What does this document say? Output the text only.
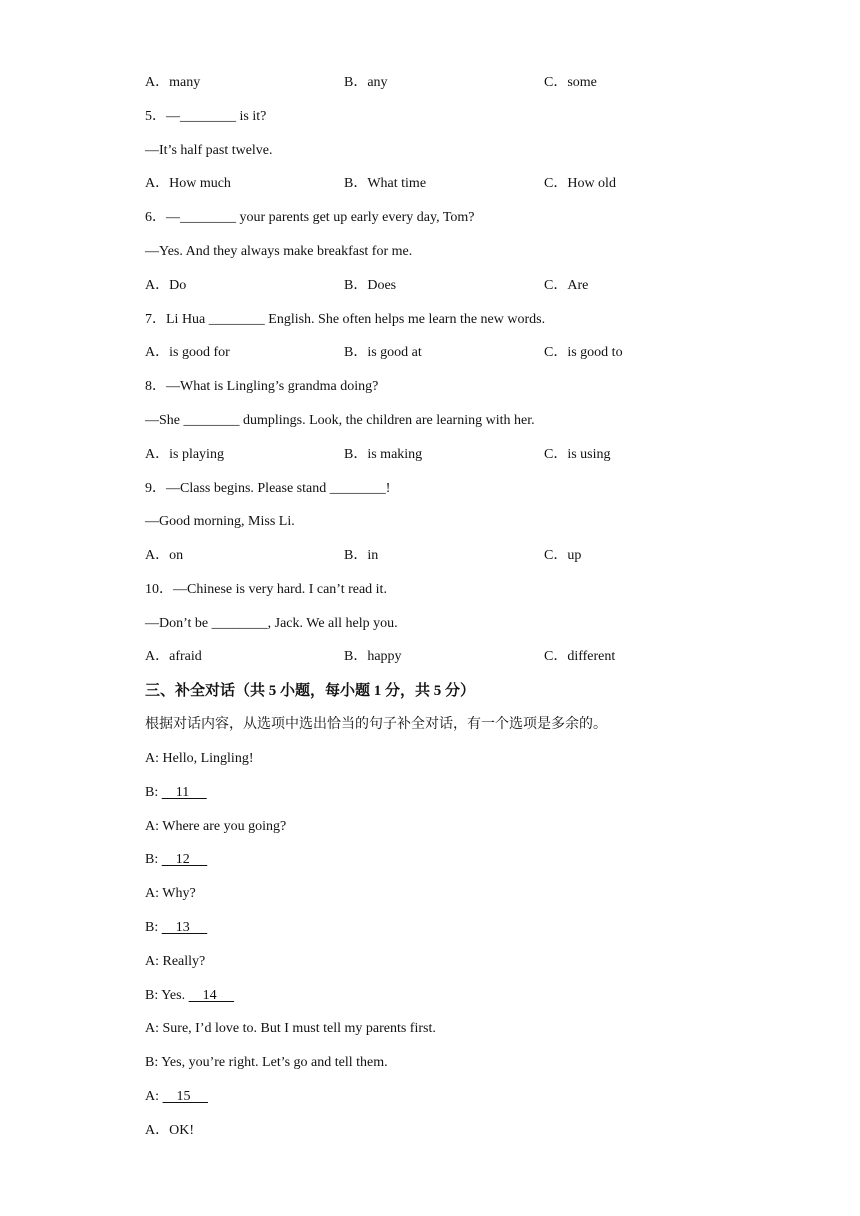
A．many	B．any	C．some
5．—________ is it?
—It’s half past twelve.
A．How much	B．What time	C．How old
6．—________ your parents get up early every day, Tom?
—Yes. And they always make breakfast for me.
A．Do	B．Does	C．Are
7．Li Hua ________ English. She often helps me learn the new words.
A．is good for	B．is good at	C．is good to
8．—What is Lingling’s grandma doing?
—She ________ dumplings. Look, the children are learning with her.
A．is playing	B．is making	C．is using
9．—Class begins. Please stand ________!
—Good morning, Miss Li.
A．on	B．in	C．up
10．—Chinese is very hard. I can’t read it.
—Don’t be ________, Jack. We all help you.
A．afraid	B．happy	C．different
三、补全对话（共 5 小题，每小题 1 分，共 5 分）
根据对话内容，从选项中选出恰当的句子补全对话，有一个选项是多余的。
A: Hello, Lingling!
B:     11
A: Where are you going?
B:     12
A: Why?
B:     13
A: Really?
B: Yes.     14
A: Sure, I’d love to. But I must tell my parents first.
B: Yes, you’re right. Let’s go and tell them.
A:     15
A．OK!
